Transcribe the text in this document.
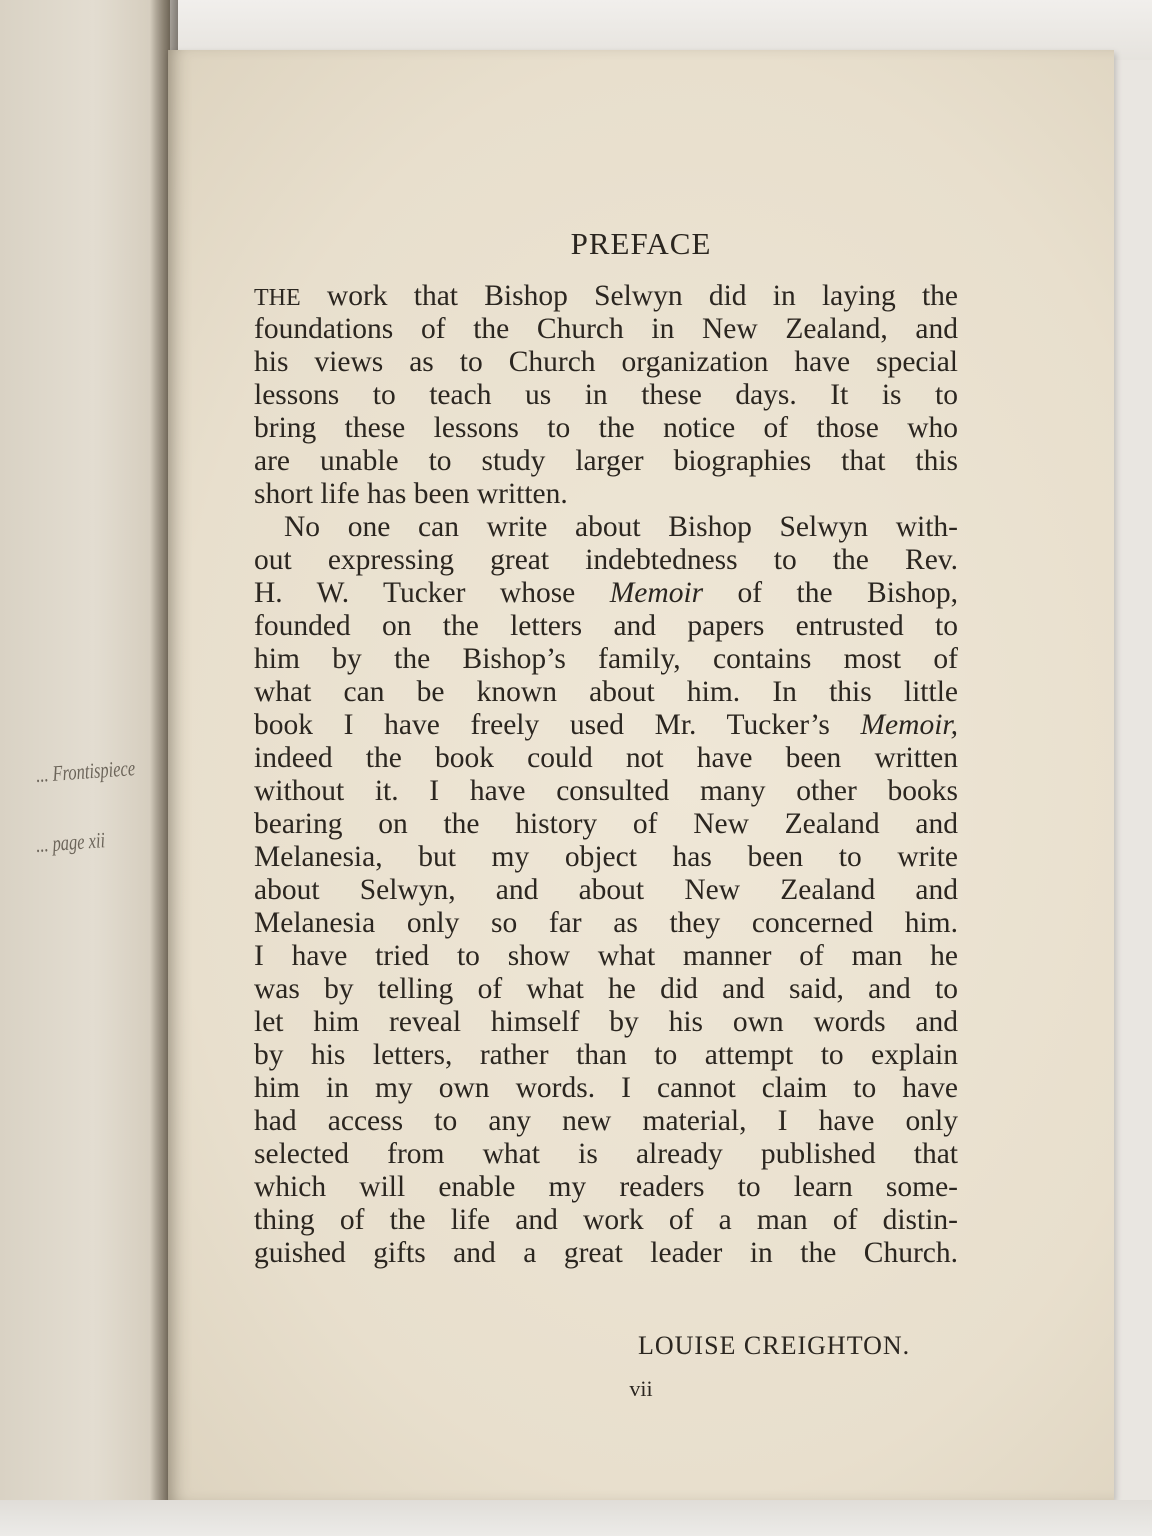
... Frontispiece
... page xii
PREFACE
THE work that Bishop Selwyn did in laying the
foundations of the Church in New Zealand, and
his views as to Church organization have special
lessons to teach us in these days. It is to
bring these lessons to the notice of those who
are unable to study larger biographies that this
short life has been written.
No one can write about Bishop Selwyn with-
out expressing great indebtedness to the Rev.
H. W. Tucker whose Memoir of the Bishop,
founded on the letters and papers entrusted to
him by the Bishop’s family, contains most of
what can be known about him. In this little
book I have freely used Mr. Tucker’s Memoir,
indeed the book could not have been written
without it. I have consulted many other books
bearing on the history of New Zealand and
Melanesia, but my object has been to write
about Selwyn, and about New Zealand and
Melanesia only so far as they concerned him.
I have tried to show what manner of man he
was by telling of what he did and said, and to
let him reveal himself by his own words and
by his letters, rather than to attempt to explain
him in my own words. I cannot claim to have
had access to any new material, I have only
selected from what is already published that
which will enable my readers to learn some-
thing of the life and work of a man of distin-
guished gifts and a great leader in the Church.
LOUISE CREIGHTON.
vii
